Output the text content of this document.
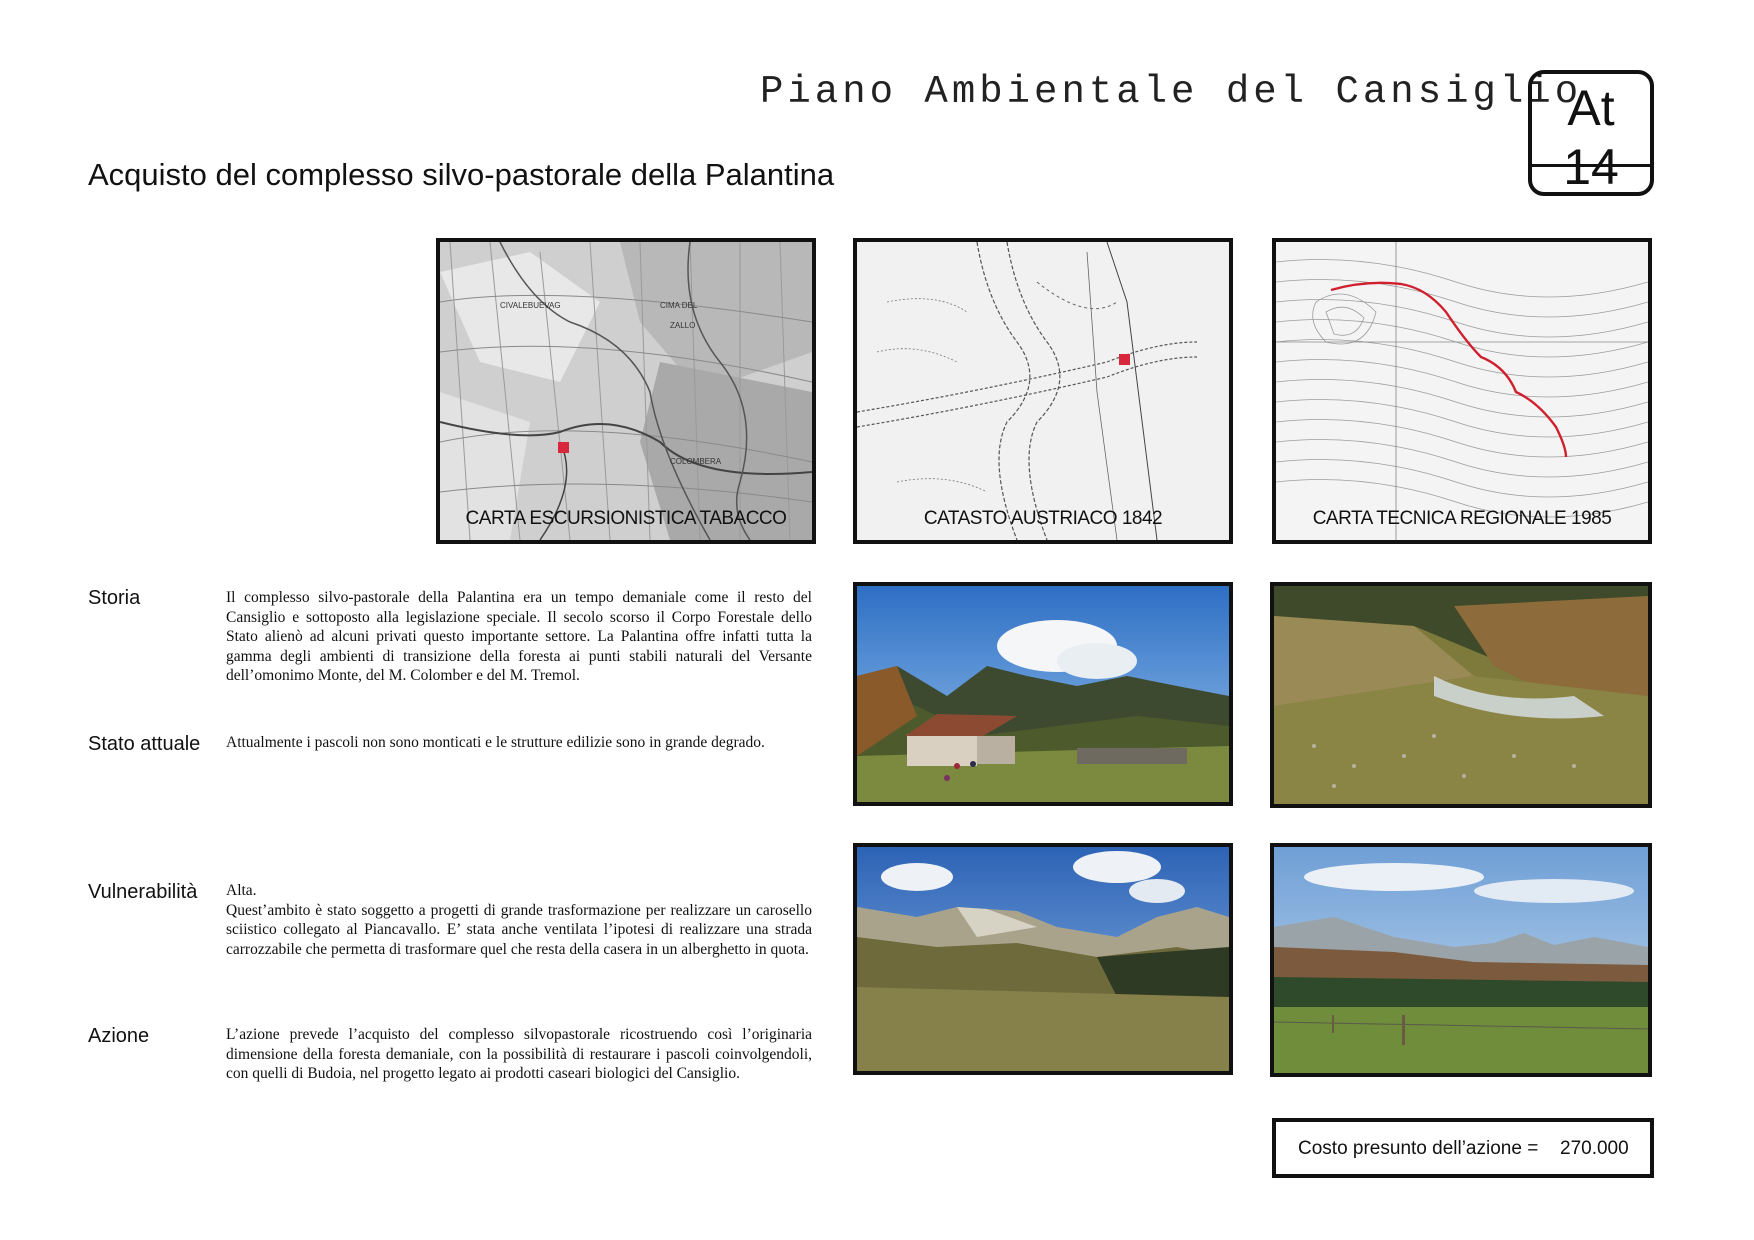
Piano Ambientale del Cansiglio
At
14
Acquisto del complesso silvo-pastorale della Palantina
CIVALEBUEVAG	CIMA DEL
ZALLO
COLOMBERA
CARTA ESCURSIONISTICA TABACCO	CATASTO AUSTRIACO 1842	CARTA TECNICA REGIONALE 1985
Storia	Il complesso silvo-pastorale della Palantina era un tempo demaniale come il resto del Cansiglio e sottoposto alla legislazione speciale. Il secolo scorso il Corpo Forestale dello Stato alienò ad alcuni privati questo importante settore. La Palantina offre infatti tutta la gamma degli ambienti di transizione della foresta ai punti stabili naturali del Versante dell’omonimo Monte, del M. Colomber e del M. Tremol.
Stato attuale Attualmente i pascoli non sono monticati e le strutture edilizie sono in grande degrado.
Vulnerabilità Alta.
Quest’ambito è stato soggetto a progetti di grande trasformazione per realizzare un carosello sciistico collegato al Piancavallo. E’ stata anche ventilata l’ipotesi di realizzare una strada carrozzabile che permetta di trasformare quel che resta della casera in un alberghetto in quota.
Azione	L’azione prevede l’acquisto del complesso silvopastorale ricostruendo così l’originaria dimensione della foresta demaniale, con la possibilità di restaurare i pascoli coinvolgendoli, con quelli di Budoia, nel progetto legato ai prodotti caseari biologici del Cansiglio.
Costo presunto dell’azione = 270.000
